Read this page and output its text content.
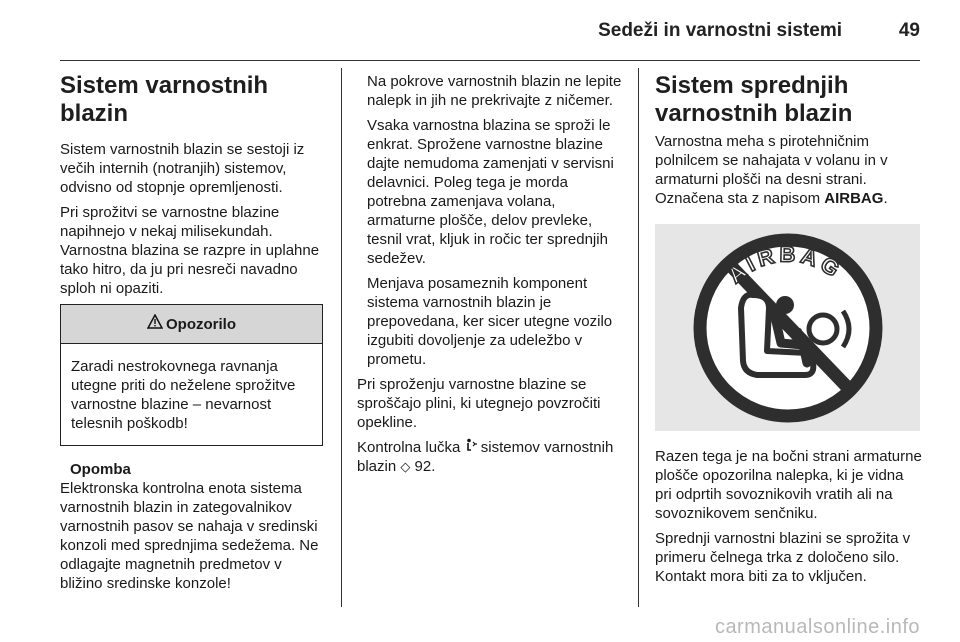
Sedeži in varnostni sistemi	49
Sistem varnostnih blazin

Sistem varnostnih blazin se sestoji iz večih internih (notranjih) sistemov, odvisno od stopnje opremljenosti.

Pri sprožitvi se varnostne blazine napihnejo v nekaj milisekundah. Varnostna blazina se razpre in uplahne tako hitro, da ju pri nesreči navadno sploh ni opaziti.

Opozorilo
Zaradi nestrokovnega ravnanja utegne priti do neželene sprožitve varnostne blazine – nevarnost telesnih poškodb!
Opomba

Elektronska kontrolna enota sistema varnostnih blazin in zategovalnikov varnostnih pasov se nahaja v sredinski konzoli med sprednjima sedežema. Ne odlagajte magnetnih predmetov v bližino sredinske konzole!

Na pokrove varnostnih blazin ne lepite nalepk in jih ne prekrivajte z ničemer.

Vsaka varnostna blazina se sproži le enkrat. Sprožene varnostne blazine dajte nemudoma zamenjati v servisni delavnici. Poleg tega je morda potrebna zamenjava volana, armaturne plošče, delov prevleke, tesnil vrat, kljuk in ročic ter sprednjih sedežev.

Menjava posameznih komponent sistema varnostnih blazin je prepovedana, ker sicer utegne vozilo izgubiti dovoljenje za udeležbo v prometu.

Pri sproženju varnostne blazine se sproščajo plini, ki utegnejo povzročiti opekline.

Kontrolna lučka sistemov varnostnih blazin ◇ 92.

Sistem sprednjih varnostnih blazin

Varnostna meha s pirotehničnim polnilcem se nahajata v volanu in v armaturni plošči na desni strani. Označena sta z napisom AIRBAG.

AIRBAG

Razen tega je na bočni strani armaturne plošče opozorilna nalepka, ki je vidna pri odprtih sovoznikovih vratih ali na sovoznikovem senčniku.

Sprednji varnostni blazini se sprožita v primeru čelnega trka z določeno silo. Kontakt mora biti za to vključen.

carmanualsonline.info
